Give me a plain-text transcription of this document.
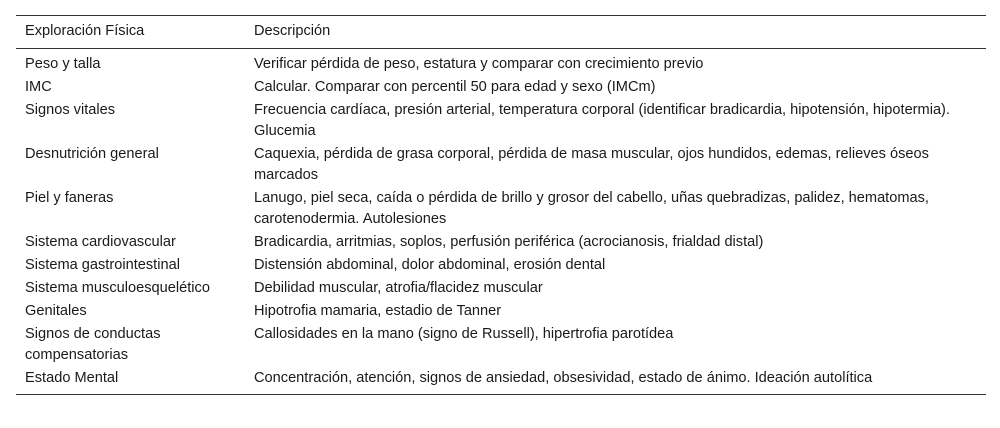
Exploración Física	Descripción
Peso y talla	Verificar pérdida de peso, estatura y comparar con crecimiento previo
IMC	Calcular. Comparar con percentil 50 para edad y sexo (IMCm)
Signos vitales	Frecuencia cardíaca, presión arterial, temperatura corporal (identificar bradicardia, hipotensión, hipotermia). Glucemia
Desnutrición general	Caquexia, pérdida de grasa corporal, pérdida de masa muscular, ojos hundidos, edemas, relieves óseos marcados
Piel y faneras	Lanugo, piel seca, caída o pérdida de brillo y grosor del cabello, uñas quebradizas, palidez, hematomas, carotenodermia. Autolesiones
Sistema cardiovascular	Bradicardia, arritmias, soplos, perfusión periférica (acrocianosis, frialdad distal)
Sistema gastrointestinal	Distensión abdominal, dolor abdominal, erosión dental
Sistema musculoesquelético	Debilidad muscular, atrofia/flacidez muscular
Genitales	Hipotrofia mamaria, estadio de Tanner
Signos de conductas compensatorias	Callosidades en la mano (signo de Russell), hipertrofia parotídea
Estado Mental	Concentración, atención, signos de ansiedad, obsesividad, estado de ánimo. Ideación autolítica
